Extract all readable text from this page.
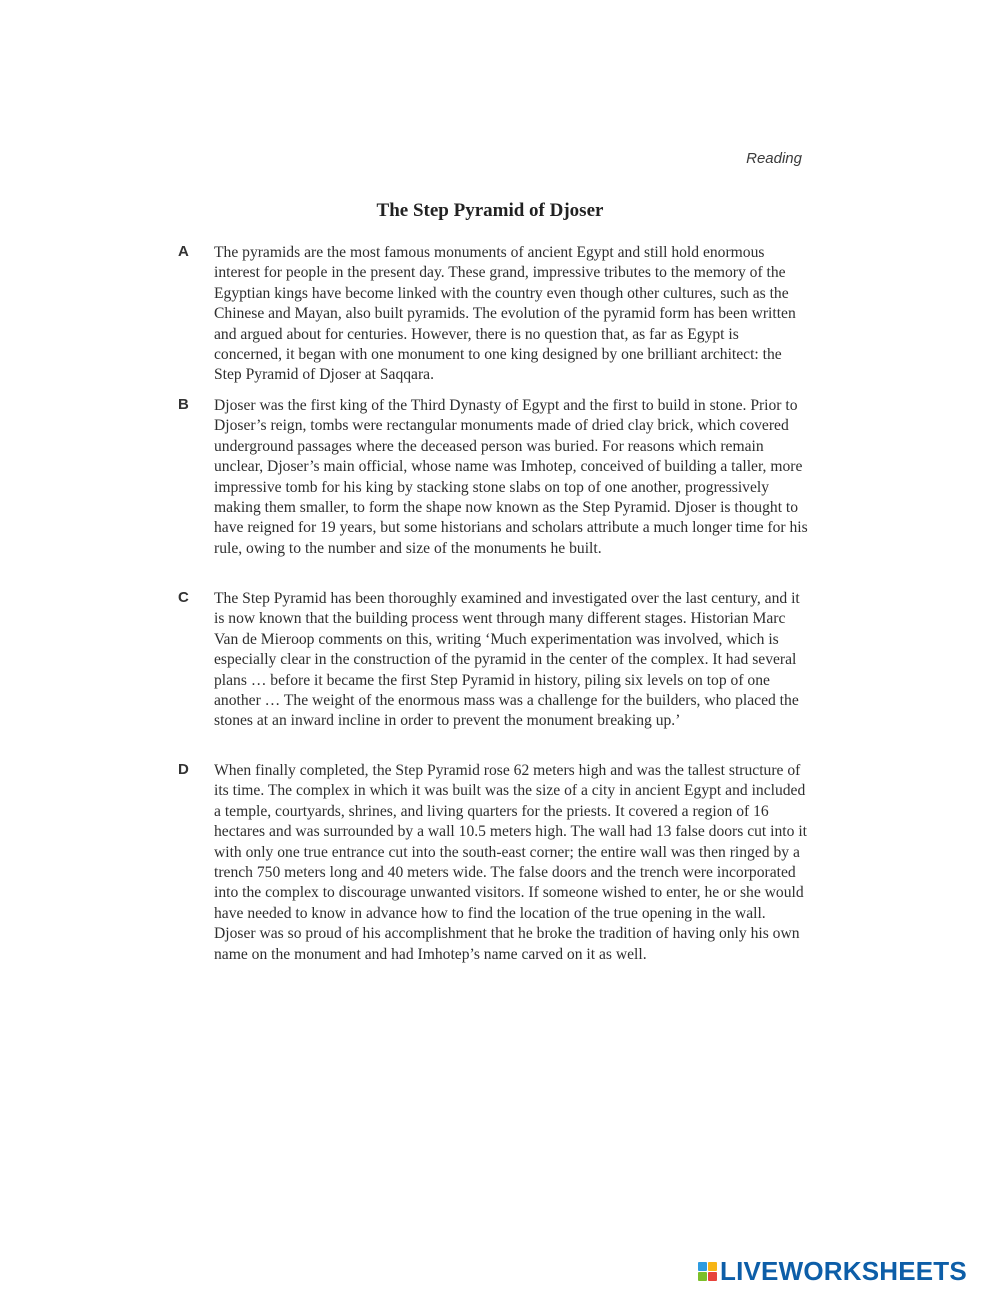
Reading
The Step Pyramid of Djoser
A The pyramids are the most famous monuments of ancient Egypt and still hold enormous interest for people in the present day. These grand, impressive tributes to the memory of the Egyptian kings have become linked with the country even though other cultures, such as the Chinese and Mayan, also built pyramids. The evolution of the pyramid form has been written and argued about for centuries. However, there is no question that, as far as Egypt is concerned, it began with one monument to one king designed by one brilliant architect: the Step Pyramid of Djoser at Saqqara.
B Djoser was the first king of the Third Dynasty of Egypt and the first to build in stone. Prior to Djoser’s reign, tombs were rectangular monuments made of dried clay brick, which covered underground passages where the deceased person was buried. For reasons which remain unclear, Djoser’s main official, whose name was Imhotep, conceived of building a taller, more impressive tomb for his king by stacking stone slabs on top of one another, progressively making them smaller, to form the shape now known as the Step Pyramid. Djoser is thought to have reigned for 19 years, but some historians and scholars attribute a much longer time for his rule, owing to the number and size of the monuments he built.
C The Step Pyramid has been thoroughly examined and investigated over the last century, and it is now known that the building process went through many different stages. Historian Marc Van de Mieroop comments on this, writing ‘Much experimentation was involved, which is especially clear in the construction of the pyramid in the center of the complex. It had several plans … before it became the first Step Pyramid in history, piling six levels on top of one another … The weight of the enormous mass was a challenge for the builders, who placed the stones at an inward incline in order to prevent the monument breaking up.’
D When finally completed, the Step Pyramid rose 62 meters high and was the tallest structure of its time. The complex in which it was built was the size of a city in ancient Egypt and included a temple, courtyards, shrines, and living quarters for the priests. It covered a region of 16 hectares and was surrounded by a wall 10.5 meters high. The wall had 13 false doors cut into it with only one true entrance cut into the south-east corner; the entire wall was then ringed by a trench 750 meters long and 40 meters wide. The false doors and the trench were incorporated into the complex to discourage unwanted visitors. If someone wished to enter, he or she would have needed to know in advance how to find the location of the true opening in the wall. Djoser was so proud of his accomplishment that he broke the tradition of having only his own name on the monument and had Imhotep’s name carved on it as well.
LIVEWORKSHEETS
